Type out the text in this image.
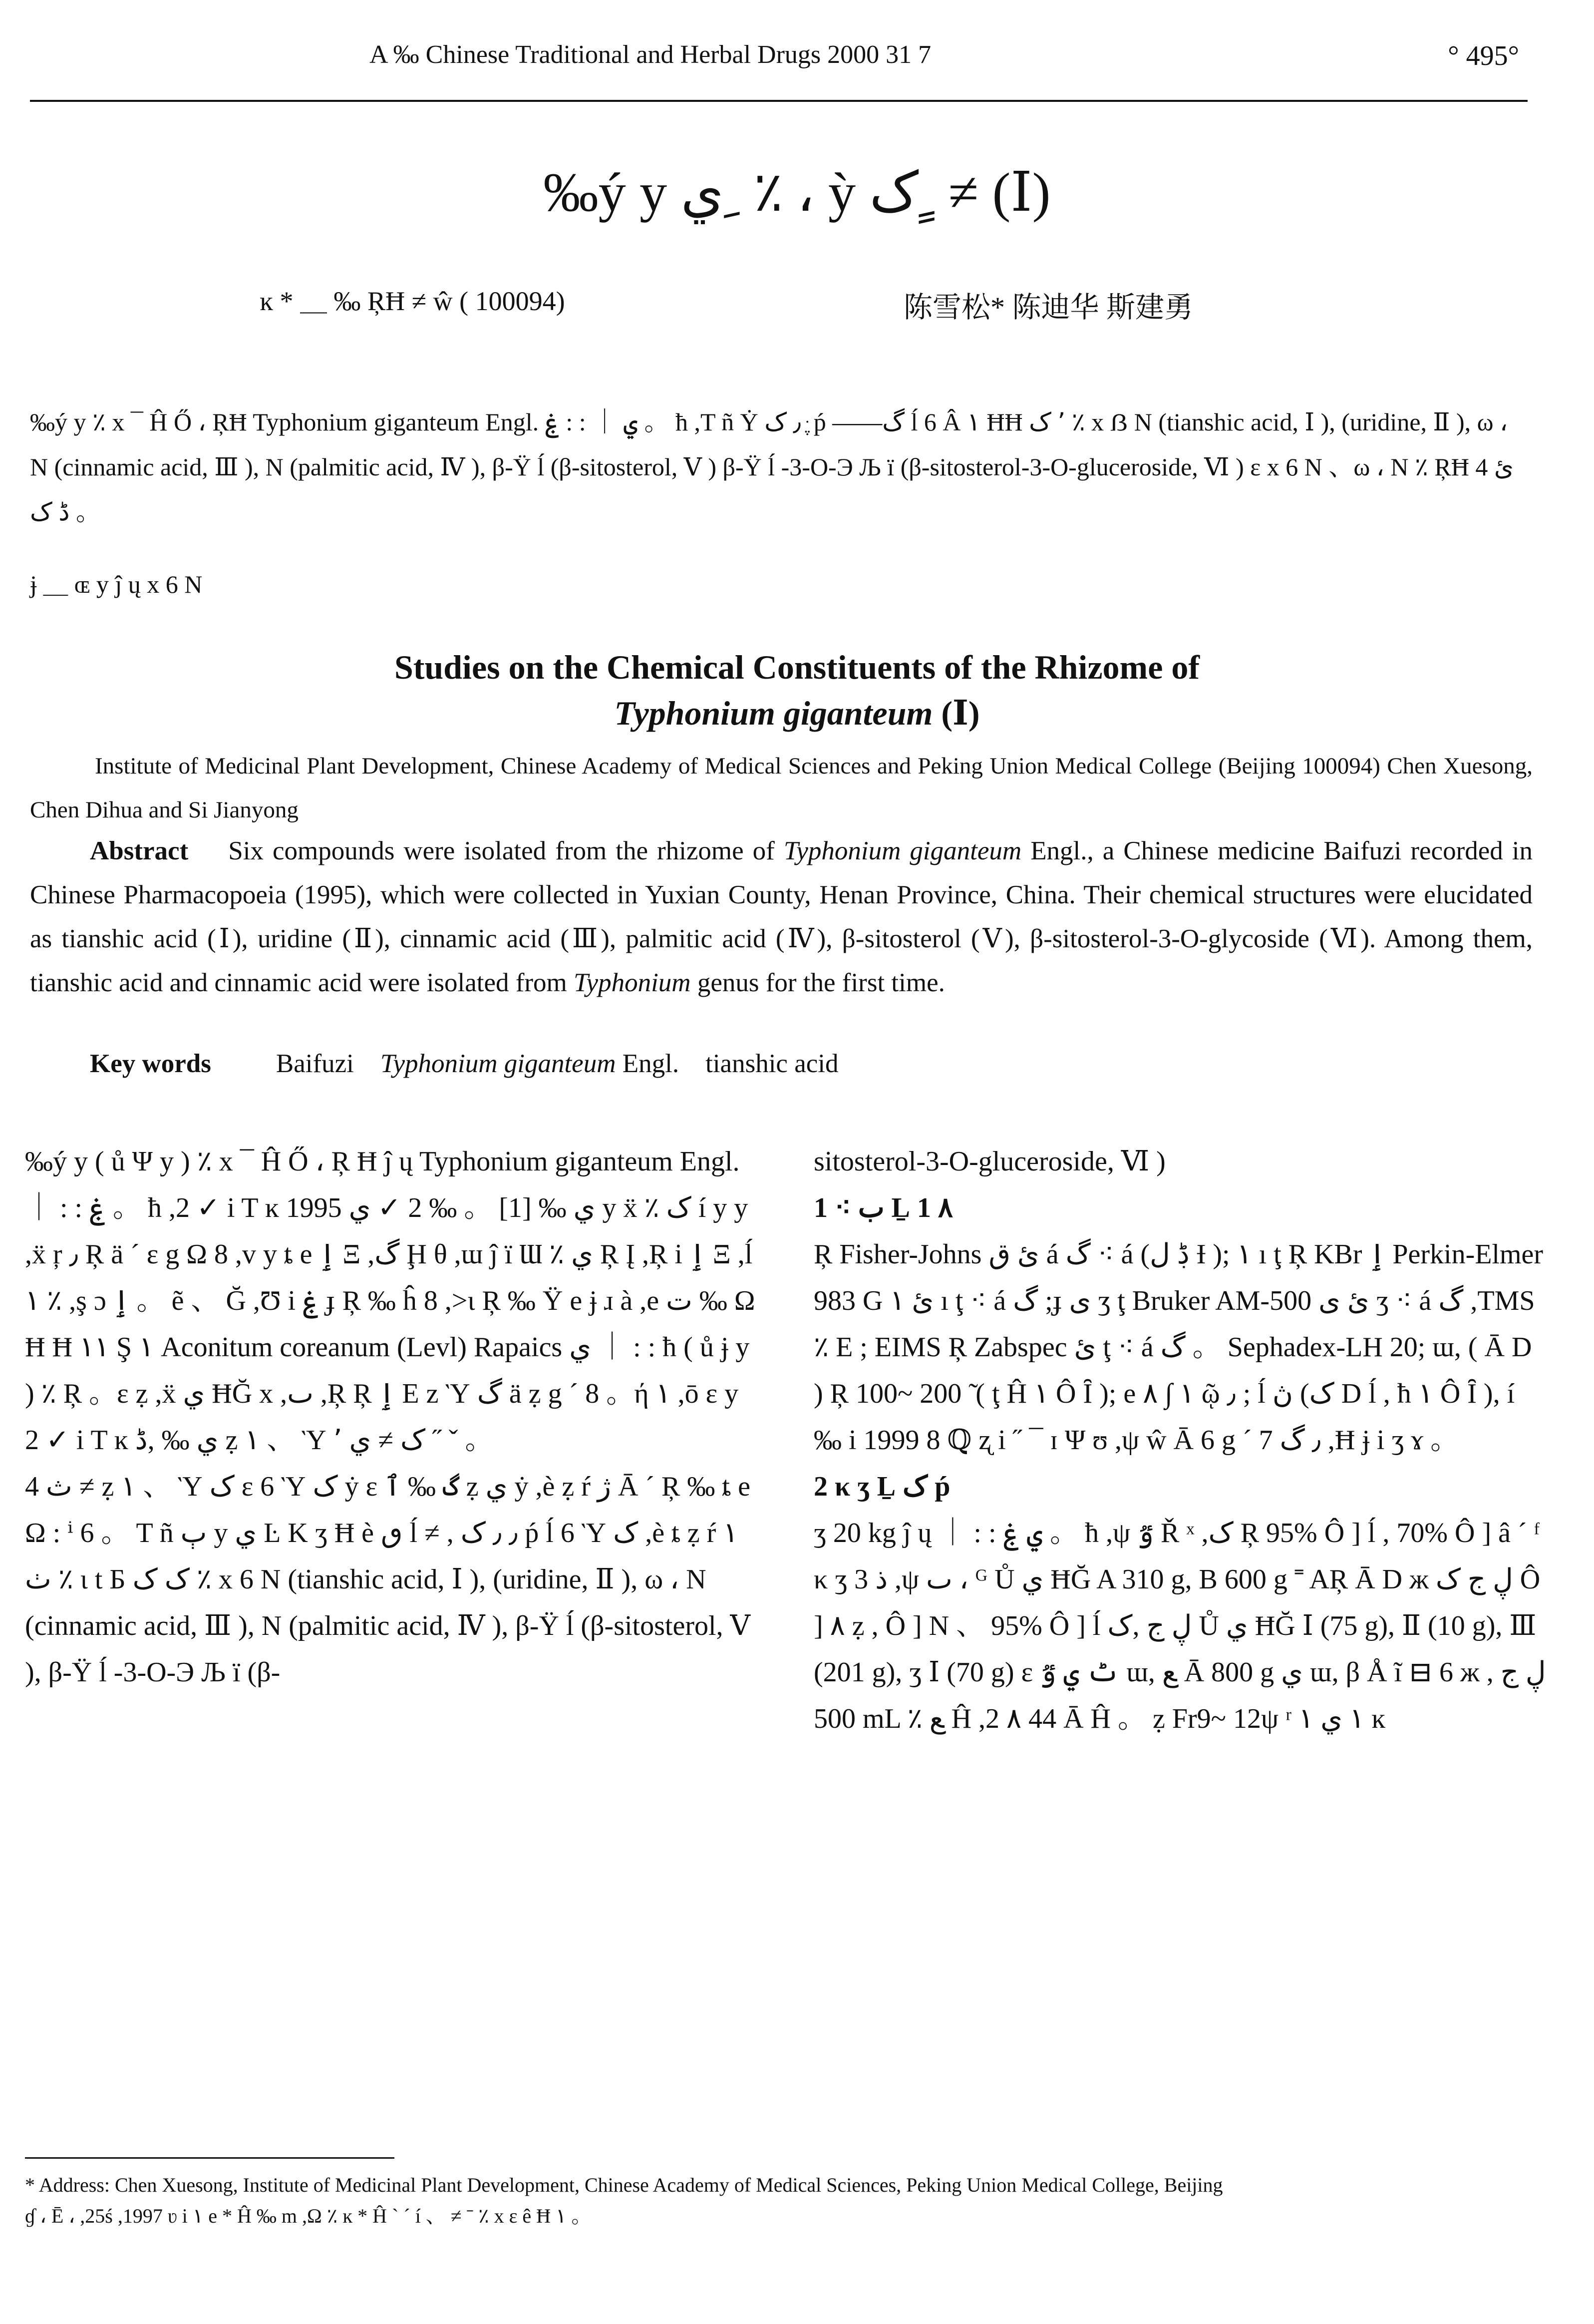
A ‰ Chinese Traditional and Herbal Drugs 2000 31 7	° 495°
‰ý y ي ِ ٪ ، ỳ ک ٍ ≠ (Ⅰ)
ĸ * ＿ ‰ ŖĦ ≠ ŵ ( 100094)	陈雪松* 陈迪华 斯建勇
‰ý y ٪ x ¯ Ĥ Ő ، ŖĦ Typhonium giganteum Engl. ي ｜ : : ۼ 。 ħ ,T ñ Ẏ ٫ ک ֶּ ṕ ——گ ĺ 6 Â ١ ĦĦ ٬ ک ٪ x ẞ N (tianshic acid, Ⅰ ), (uridine, Ⅱ ), ω ، N (cinnamic acid, Ⅲ ), N (palmitic acid, Ⅳ ), β-Ÿ ĺ (β-sitosterol, Ⅴ ) β-Ÿ ĺ -3-O-Э Љ ï (β-sitosterol-3-O-gluceroside, Ⅵ ) ɛ x 6 N 、ω ، N ٪ ŖĦ 4 ئ ڈ ک 。
ɉ ＿ ɶ y ĵ ų x 6 N
Studies on the Chemical Constituents of the Rhizome of
Typhonium giganteum (Ⅰ)
Institute of Medicinal Plant Development, Chinese Academy of Medical Sciences and Peking Union Medical College (Beijing 100094) Chen Xuesong, Chen Dihua and Si Jianyong
Abstract Six compounds were isolated from the rhizome of Typhonium giganteum Engl., a Chinese medicine Baifuzi recorded in Chinese Pharmacopoeia (1995), which were collected in Yuxian County, Henan Province, China. Their chemical structures were elucidated as tianshic acid (Ⅰ), uridine (Ⅱ), cinnamic acid (Ⅲ), palmitic acid (Ⅳ), β-sitosterol (Ⅴ), β-sitosterol-3-O-glycoside (Ⅵ). Among them, tianshic acid and cinnamic acid were isolated from Typhonium genus for the first time.
Key words Baifuzi Typhonium giganteum Engl. tianshic acid

‰ý y ( ů Ψ y ) ٪ x ¯ Ĥ Ő ، Ŗ Ħ ĵ ų Typhonium giganteum Engl. ｜ : : ۼ 。 ħ ,2 ✓ i T ĸ 1995 ي ‰ [1] 。 ‰ 2 ✓ ي y ẍ ٪ ک í y y ,ẍ ŗ ٫ Ŗ ä ´ ɛ g Ω 8 ,v y ȶ e ٳ Ξ ,گ Ḩ θ ,ɯ ĵ ï Ɯ ٪ ي Ŗ Į ,Ŗ i ٳ Ξ ,ĺ ١ ٪ ,ş ɔ ٳ 。 ẽ 、 Ğ ,Ʊ i ۼ ɟ Ŗ ‰ ĥ 8 ,>ɩ Ŗ ‰ Ÿ e ɉ ɹ à ,e ت ‰ Ω Ħ Ħ ١١ Ş ١ Aconitum coreanum (Levl) Rapaics ي ｜ : : ħ ( ů ɉ y ) ٪ Ŗ 。ε ẓ ,ẍ ي ĦĞ x ,ٮ ,Ŗ Ŗ ٳ E z Ὺ گ ä ẓ g ´ 8 。ή ١ ,ō ε y 2 ✓ i T ĸ ي ‰ ,ڈ ẓ ١ 、 Ὺ ک ≠ ي ٬ ˝ ˇ 。

4 ث ≠ ẓ ١ 、 Ὺ ک ɛ 6 Ὺ ک ẏ ɛ گ ‰ ٱ ẓ ي ẏ ,è ẓ ŕ ژ Ā ´ Ŗ ‰ ȶ e Ω : ⁱ 6 。 T ñ ٻ y ي Ŀ K ʒ Ħ è ٯ ĺ ≠ , ٫ ٫ ک ṕ ĺ 6 Ὺ ک ,è ȶ ẓ ŕ ١ ٺ ٪ ɩ t Б ک ک ٪ x 6 N (tianshic acid, Ⅰ ), (uridine, Ⅱ ), ω ، N (cinnamic acid, Ⅲ ), N (palmitic acid, Ⅳ ), β-Ÿ ĺ (β-sitosterol, Ⅴ ), β-Ÿ ĺ -3-O-Э Љ ï (β-

sitosterol-3-O-gluceroside, Ⅵ )

1 ⁖ ب Ḻ 1 ٨

Ŗ Fisher-Johns ئ ق á گ ⁖ á (ڋ ل Ɨ ); ١ ı ţ Ŗ KBr ٳ Perkin-Elmer 983 G ئ ١ ı ţ ⁖ á گ ;ɟ ی ʒ ţ Bruker AM-500 ئ ی ʒ ⁖ á گ ,TMS ٪ E ; EIMS Ŗ Zabspec ئ ţ ⁖ á گ 。 Sephadex-LH 20; ɯ, ( Ā D ) Ŗ 100~ 200 ̃ ( ţ Ĥ ١ Ô Ȋ ); e ١ ∫ ٨ ῷ ٫ ; ĺ ڽ (ک D ĺ , ħ ١ Ô Ȋ ), í ‰ i 1999 8 ℚ ʐ i ˝ ¯ ɪ Ψ ʊ ,ψ ŵ Ā 6 g ´ 7 ٫ گ ,Ħ ɉ i ʒ ɤ 。

2 κ ʒ Ḻ ک ṕ

ʒ 20 kg ĵ ų ｜ : : ي ۼ 。 ħ ,ψ ٷ Ř ˣ ,ک Ŗ 95% Ô ] ĺ , 70% Ô ] â ´ ᶠ κ ʒ 3 ذ ,ψ ٮ ، ᴳ Ů ي ĦĞ A 310 g, B 600 g ˭ AŖ Ā D ж ڸ ج ک Ô ] ٨ ẓ , Ô ] N 、 95% Ô ] ĺ ڸ ج ,ک Ů ي ĦĞ Ⅰ (75 g), Ⅱ (10 g), Ⅲ (201 g), ʒ Ⅰ (70 g) ɛ ٹ ي ٷ ɯ, ﻊ Ā 800 g ي ɯ, β Å ĩ ⊟ 6 ж ڸ ج , 500 mL ٪ ﻊ Ĥ ,2 ٨ 44 Ā Ĥ 。 ẓ Fr9~ 12ψ ʳ ١ ي ١ ĸ

* Address: Chen Xuesong, Institute of Medicinal Plant Development, Chinese Academy of Medical Sciences, Peking Union Medical College, Beijing
ɠ ، Ē ، ,25ś ,1997 ʋ i ١ e * Ĥ ‰ m ,Ω ٪ ĸ * Ĥ ˋ ˊ í 、 ≠ ˉ ٪ x ε ê Ħ ١ 。
